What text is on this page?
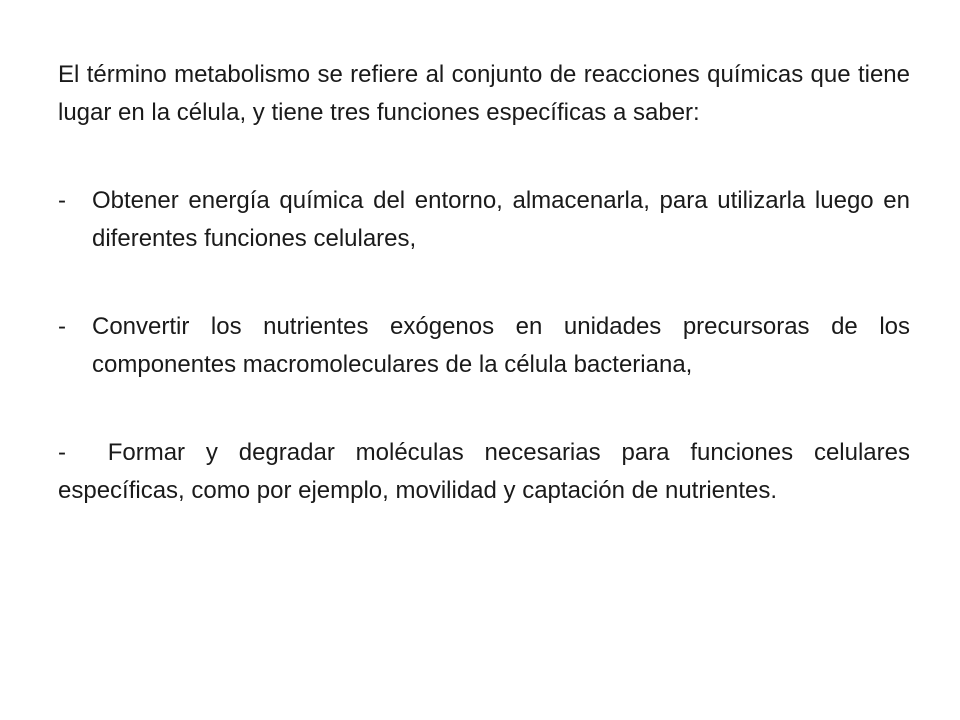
El término metabolismo se refiere al conjunto de reacciones químicas que tiene lugar en la célula, y tiene tres funciones específicas a saber:

- Obtener energía química del entorno, almacenarla, para utilizarla luego en diferentes funciones celulares,
- Convertir los nutrientes exógenos en unidades precursoras de los componentes macromoleculares de la célula bacteriana,

- Formar y degradar moléculas necesarias para funciones celulares específicas, como por ejemplo, movilidad y captación de nutrientes.
